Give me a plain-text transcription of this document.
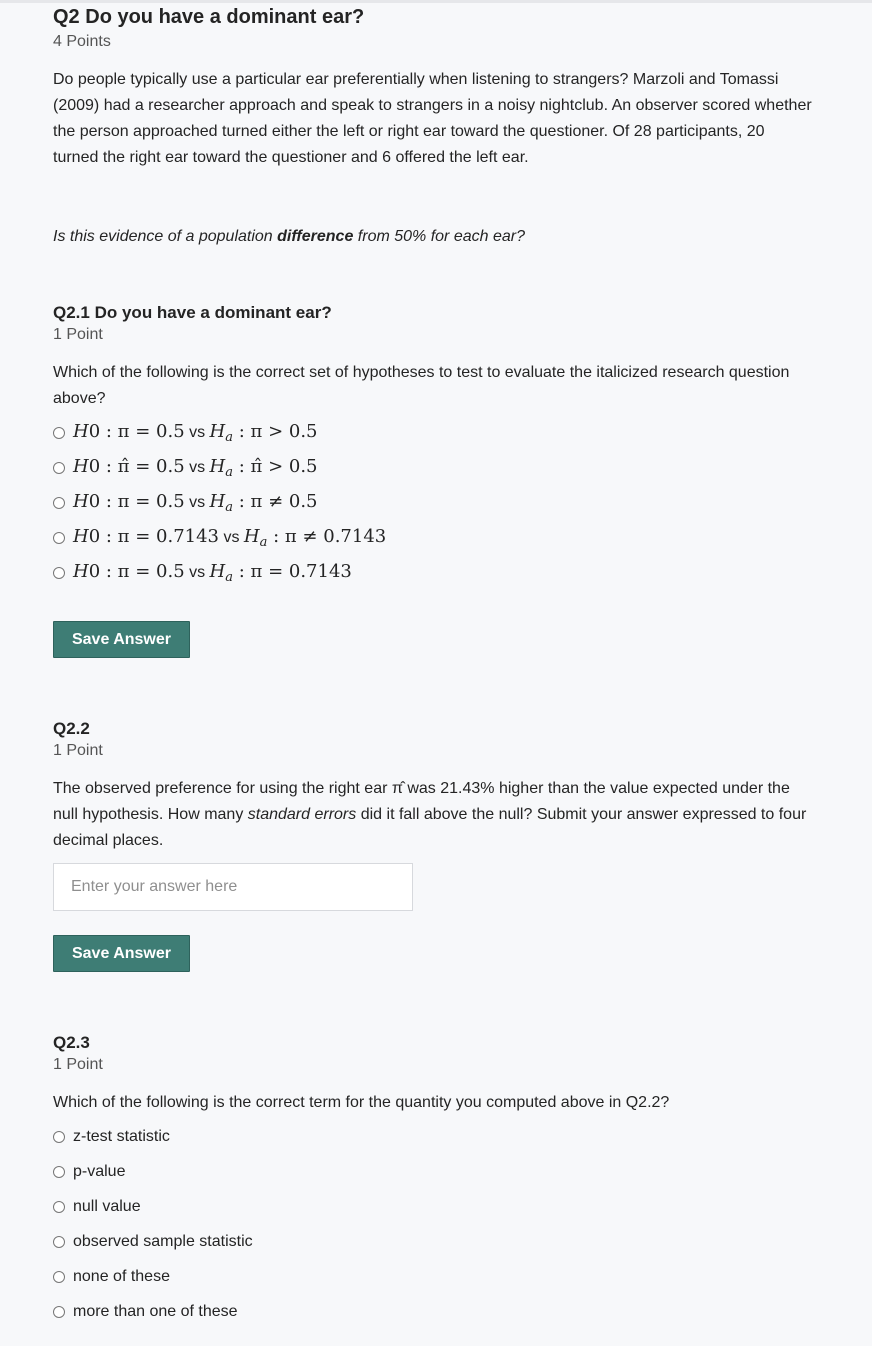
Q2 Do you have a dominant ear?

4 Points

Do people typically use a particular ear preferentially when listening to strangers? Marzoli and Tomassi (2009) had a researcher approach and speak to strangers in a noisy nightclub. An observer scored whether the person approached turned either the left or right ear toward the questioner. Of 28 participants, 20 turned the right ear toward the questioner and 6 offered the left ear.

Is this evidence of a population difference from 50% for each ear?

Q2.1 Do you have a dominant ear?

1 Point

Which of the following is the correct set of hypotheses to test to evaluate the italicized research question above?

H0 : π = 0.5 vs $H_a$ : π > 0.5
H0 : π̂ = 0.5 vs $H_a$ : π̂ > 0.5
H0 : π = 0.5 vs $H_a$ : π ≠ 0.5
H0 : π = 0.7143 vs $H_a$ : π ≠ 0.7143
H0 : π = 0.5 vs $H_a$ : π = 0.7143
Save Answer
Q2.2

1 Point

The observed preference for using the right ear π̂ was 21.43% higher than the value expected under the null hypothesis. How many standard errors did it fall above the null? Submit your answer expressed to four decimal places.

Enter your answer here
Save Answer
Q2.3

1 Point

Which of the following is the correct term for the quantity you computed above in Q2.2?

z-test statistic
p-value
null value
observed sample statistic
none of these
more than one of these
